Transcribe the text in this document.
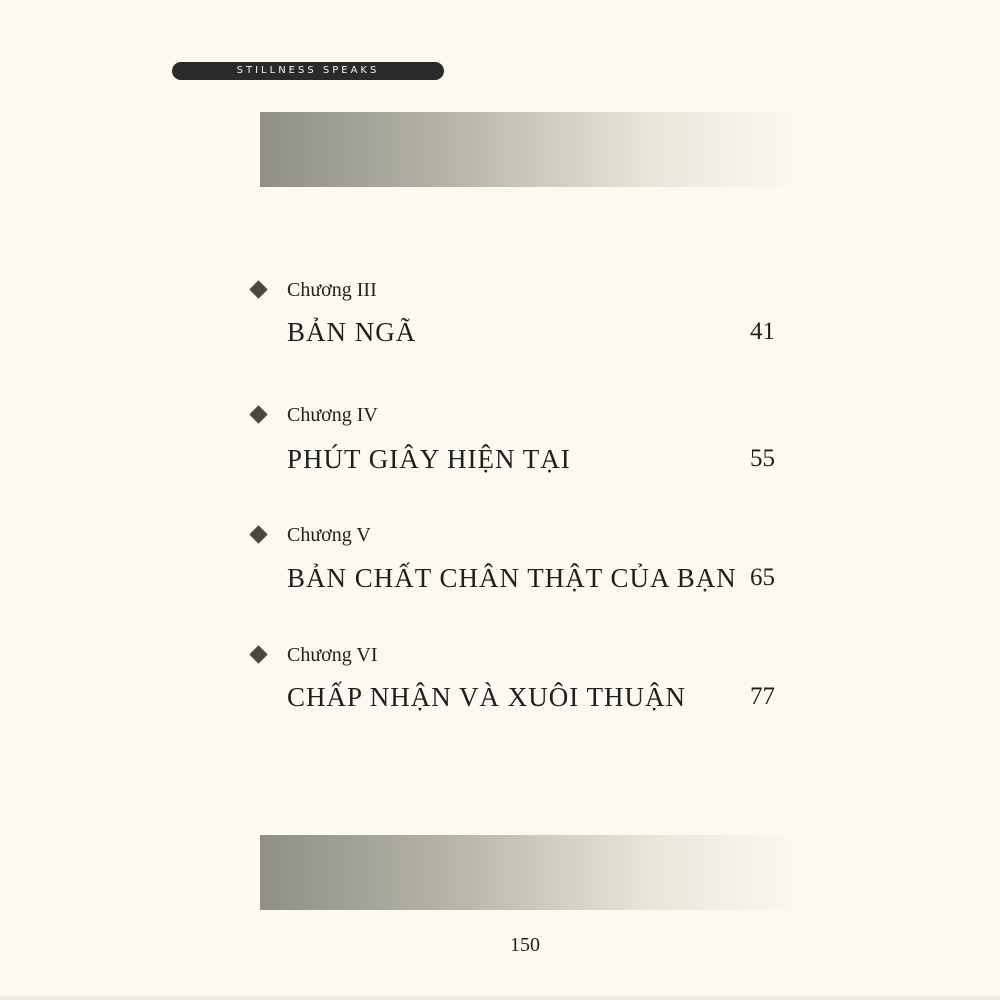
STILLNESS SPEAKS
Chương III
BẢN NGÃ	41
Chương IV
PHÚT GIÂY HIỆN TẠI	55
Chương V
BẢN CHẤT CHÂN THẬT CỦA BẠN 65
Chương VI
CHẤP NHẬN VÀ XUÔI THUẬN	77
150
